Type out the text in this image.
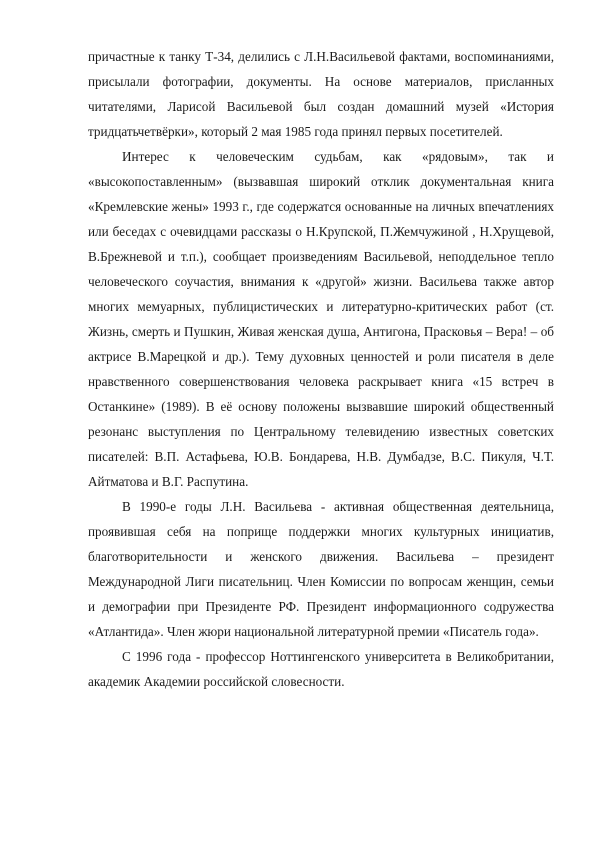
причастные к танку Т-34, делились с Л.Н.Васильевой фактами, воспоминаниями, присылали фотографии, документы. На основе материалов, присланных читателями, Ларисой Васильевой был создан домашний музей «История тридцатьчетвёрки», который 2 мая 1985 года принял первых посетителей.

Интерес к человеческим судьбам, как «рядовым», так и «высокопоставленным» (вызвавшая широкий отклик документальная книга «Кремлевские жены» 1993 г., где содержатся основанные на личных впечатлениях или беседах с очевидцами рассказы о Н.Крупской, П.Жемчужиной , Н.Хрущевой, В.Брежневой и т.п.), сообщает произведениям Васильевой, неподдельное тепло человеческого соучастия, внимания к «другой» жизни. Васильева также автор многих мемуарных, публицистических и литературно-критических работ (ст. Жизнь, смерть и Пушкин, Живая женская душа, Антигона, Прасковья – Вера! – об актрисе В.Марецкой и др.). Тему духовных ценностей и роли писателя в деле нравственного совершенствования человека раскрывает книга «15 встреч в Останкине» (1989). В её основу положены вызвавшие широкий общественный резонанс выступления по Центральному телевидению известных советских писателей: В.П. Астафьева, Ю.В. Бондарева, Н.В. Думбадзе, В.С. Пикуля, Ч.Т. Айтматова и В.Г. Распутина.

В 1990-е годы Л.Н. Васильева - активная общественная деятельница, проявившая себя на поприще поддержки многих культурных инициатив, благотворительности и женского движения. Васильева – президент Международной Лиги писательниц. Член Комиссии по вопросам женщин, семьи и демографии при Президенте РФ. Президент информационного содружества «Атлантида». Член жюри национальной литературной премии «Писатель года».

С 1996 года - профессор Ноттингенского университета в Великобритании, академик Академии российской словесности.
